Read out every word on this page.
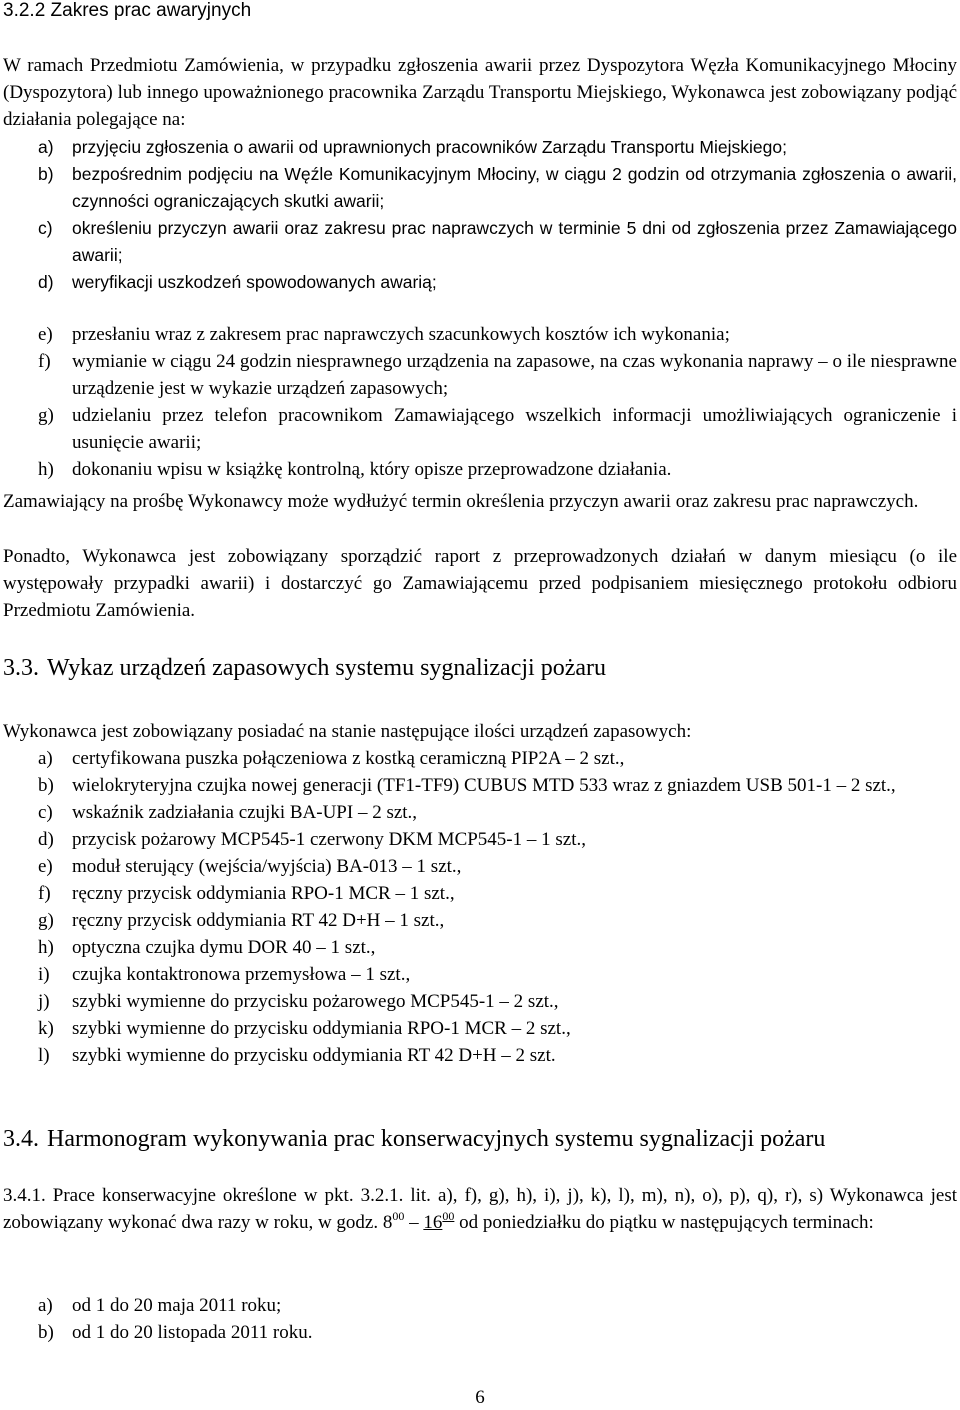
3.2.2 Zakres prac awaryjnych

W ramach Przedmiotu Zamówienia, w przypadku zgłoszenia awarii przez Dyspozytora Węzła Komunikacyjnego Młociny (Dyspozytora) lub innego upoważnionego pracownika Zarządu Transportu Miejskiego, Wykonawca jest zobowiązany podjąć działania polegające na:

a)	przyjęciu zgłoszenia o awarii od uprawnionych pracowników Zarządu Transportu Miejskiego;
b)	bezpośrednim podjęciu na Węźle Komunikacyjnym Młociny, w ciągu 2 godzin od otrzymania zgłoszenia o awarii, czynności ograniczających skutki awarii;
c)	określeniu przyczyn awarii oraz zakresu prac naprawczych w terminie 5 dni od zgłoszenia przez Zamawiającego awarii;
d)	weryfikacji uszkodzeń spowodowanych awarią;
e)	przesłaniu wraz z zakresem prac naprawczych szacunkowych kosztów ich wykonania;
f)	wymianie w ciągu 24 godzin niesprawnego urządzenia na zapasowe, na czas wykonania naprawy – o ile niesprawne urządzenie jest w wykazie urządzeń zapasowych;
g) udzielaniu przez telefon pracownikom Zamawiającego wszelkich informacji umożliwiających ograniczenie i usunięcie awarii;
h) dokonaniu wpisu w książkę kontrolną, który opisze przeprowadzone działania.

Zamawiający na prośbę Wykonawcy może wydłużyć termin określenia przyczyn awarii oraz zakresu prac naprawczych.

Ponadto, Wykonawca jest zobowiązany sporządzić raport z przeprowadzonych działań w danym miesiącu (o ile występowały przypadki awarii) i dostarczyć go Zamawiającemu przed podpisaniem miesięcznego protokołu odbioru Przedmiotu Zamówienia.

3.3. Wykaz urządzeń zapasowych systemu sygnalizacji pożaru

Wykonawca jest zobowiązany posiadać na stanie następujące ilości urządzeń zapasowych:

a)	certyfikowana puszka połączeniowa z kostką ceramiczną PIP2A – 2 szt.,
b) wielokryteryjna czujka nowej generacji (TF1-TF9) CUBUS MTD 533 wraz z gniazdem USB 501-1 – 2 szt.,
c)	wskaźnik zadziałania czujki BA-UPI – 2 szt.,
d) przycisk pożarowy MCP545-1 czerwony DKM MCP545-1 – 1 szt.,
e)	moduł sterujący (wejścia/wyjścia) BA-013 – 1 szt.,
f)	ręczny przycisk oddymiania RPO-1 MCR – 1 szt.,
g) ręczny przycisk oddymiania RT 42 D+H – 1 szt.,
h) optyczna czujka dymu DOR 40 – 1 szt.,
i)	czujka kontaktronowa przemysłowa – 1 szt.,
j)	szybki wymienne do przycisku pożarowego MCP545-1 – 2 szt.,
k) szybki wymienne do przycisku oddymiania RPO-1 MCR – 2 szt.,
l)	szybki wymienne do przycisku oddymiania RT 42 D+H – 2 szt.
3.4. Harmonogram wykonywania prac konserwacyjnych systemu sygnalizacji pożaru

3.4.1. Prace konserwacyjne określone w pkt. 3.2.1. lit. a), f), g), h), i), j), k), l), m), n), o), p), q), r), s) Wykonawca jest zobowiązany wykonać dwa razy w roku, w godz. $8^{00} - 16^{00}$ od poniedziałku do piątku w następujących terminach:

a)	od 1 do 20 maja 2011 roku;
b) od 1 do 20 listopada 2011 roku.
6
